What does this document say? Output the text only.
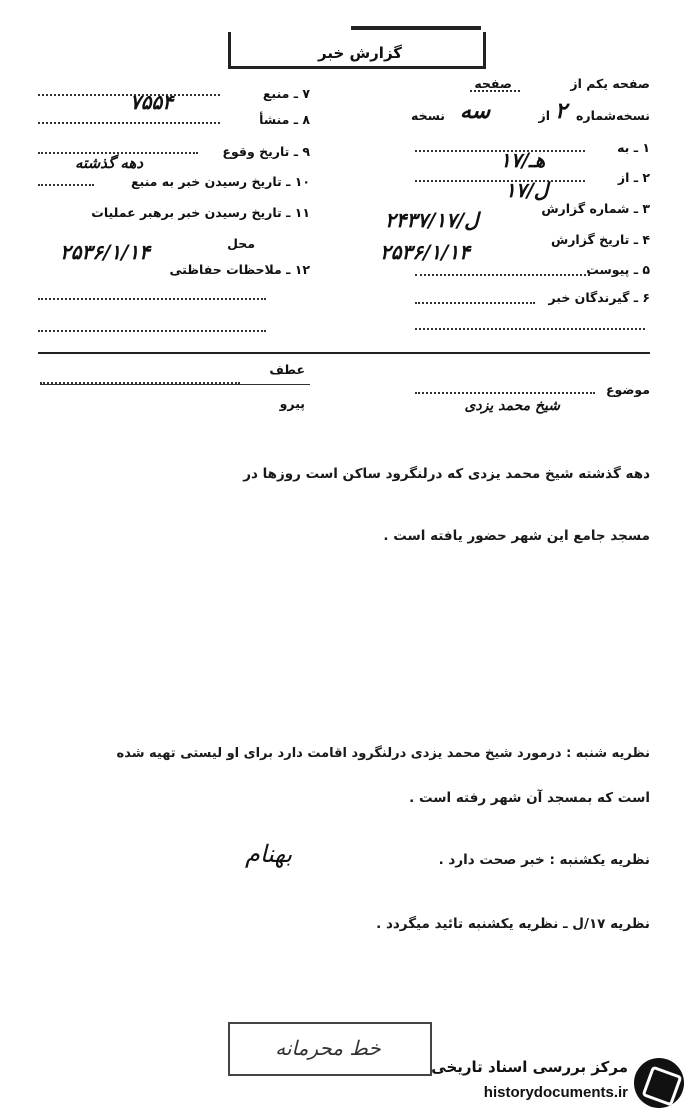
گزارش خبر
صفحه یکم از
صفحه
نسخه‌شماره
۲
از
سه
نسخه
۱ ـ به
۱۷/هـ
۲ ـ از
۱۷/ل
۳ ـ شماره گزارش
۲۴۳۷/۱۷/ل
۴ ـ تاریخ گزارش
۲۵۳۶/۱/۱۴
۵ ـ پیوست
۶ ـ گیرندگان خبر
۷ ـ منبع
۷۵۵۴
۸ ـ منشأ
۹ ـ تاریخ وقوع
دهه گذشته
۱۰ ـ تاریخ رسیدن خبر به منبع
۱۱ ـ تاریخ رسیدن خبر برهبر عملیات
محل
۲۵۳۶/۱/۱۴
۱۲ ـ ملاحظات حفاظتی
عطف
پیرو
موضوع
شیخ محمد یزدی
دهه گذشته شیخ محمد یزدی که درلنگرود ساکن است روزها در
مسجد جامع این شهر حضور یافته است .
نظریه شنبه : درمورد شیخ محمد یزدی درلنگرود اقامت دارد برای او لیستی تهیه شده
است که بمسجد آن شهر رفته است .
نظریه یکشنبه : خبر صحت دارد .
بهنام
نظریه ۱۷/ل ـ نظریه یکشنبه تائید میگردد .
خط محرمانه
مرکز بررسی اسناد تاریخی
historydocuments.ir
